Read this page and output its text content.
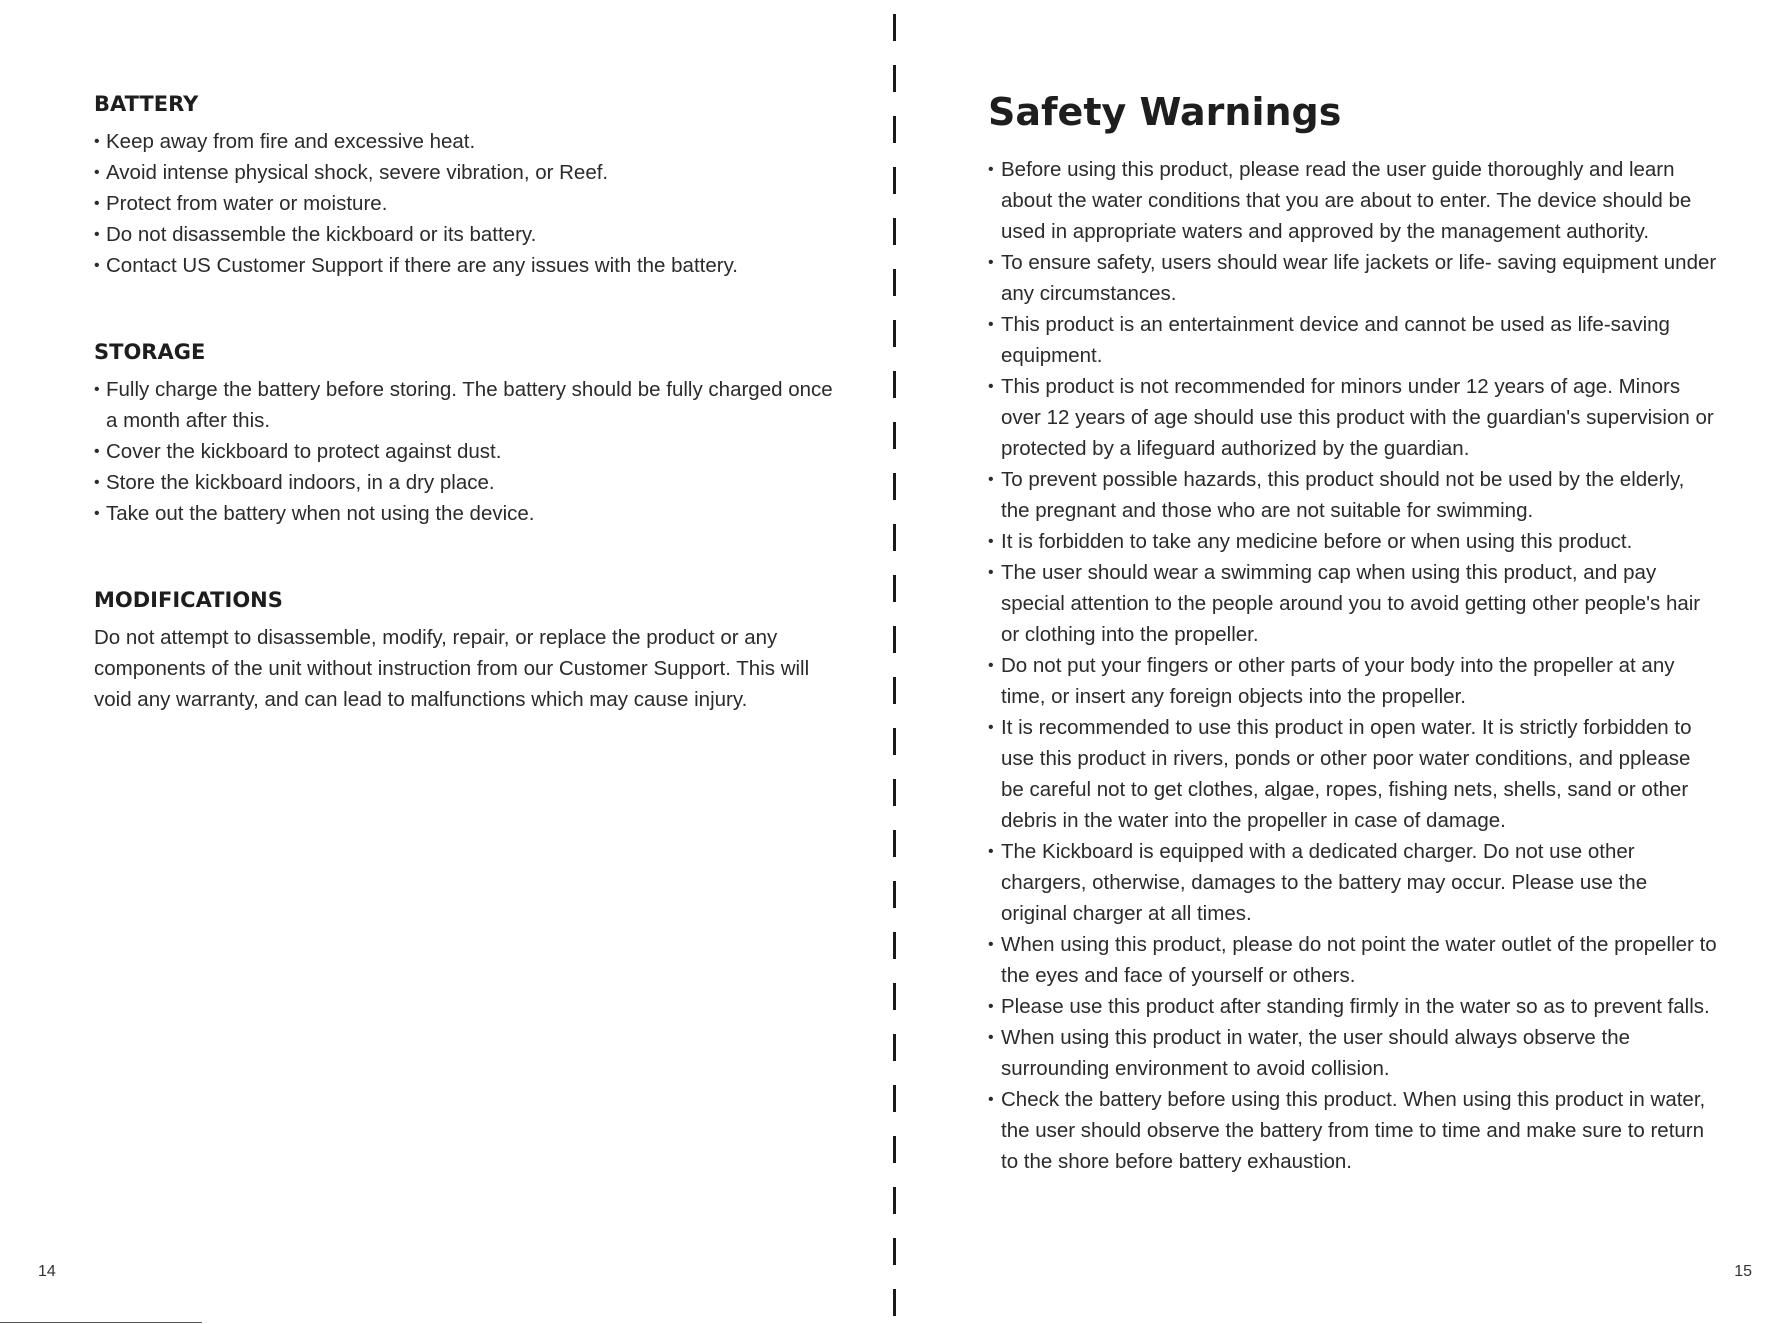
BATTERY
• Keep away from fire and excessive heat.
• Avoid intense physical shock, severe vibration, or Reef.
• Protect from water or moisture.
• Do not disassemble the kickboard or its battery.
• Contact US Customer Support if there are any issues with the battery.
STORAGE
• Fully charge the battery before storing. The battery should be fully charged once a month after this.
• Cover the kickboard to protect against dust.
• Store the kickboard indoors, in a dry place.
• Take out the battery when not using the device.
MODIFICATIONS

Do not attempt to disassemble, modify, repair, or replace the product or any components of the unit without instruction from our Customer Support. This will void any warranty, and can lead to malfunctions which may cause injury.

Safety Warnings
• Before using this product, please read the user guide thoroughly and learn about the water conditions that you are about to enter. The device should be used in appropriate waters and approved by the management authority.
• To ensure safety, users should wear life jackets or life- saving equipment under any circumstances.
• This product is an entertainment device and cannot be used as life-saving equipment.
• This product is not recommended for minors under 12 years of age. Minors over 12 years of age should use this product with the guardian's supervision or protected by a lifeguard authorized by the guardian.
• To prevent possible hazards, this product should not be used by the elderly, the pregnant and those who are not suitable for swimming.
• It is forbidden to take any medicine before or when using this product.
• The user should wear a swimming cap when using this product, and pay special attention to the people around you to avoid getting other people's hair or clothing into the propeller.
• Do not put your fingers or other parts of your body into the propeller at any time, or insert any foreign objects into the propeller.
• It is recommended to use this product in open water. It is strictly forbidden to use this product in rivers, ponds or other poor water conditions, and pplease be careful not to get clothes, algae, ropes, fishing nets, shells, sand or other debris in the water into the propeller in case of damage.
• The Kickboard is equipped with a dedicated charger. Do not use other chargers, otherwise, damages to the battery may occur. Please use the original charger at all times.
• When using this product, please do not point the water outlet of the propeller to the eyes and face of yourself or others.
• Please use this product after standing firmly in the water so as to prevent falls.
• When using this product in water, the user should always observe the surrounding environment to avoid collision.
• Check the battery before using this product. When using this product in water, the user should observe the battery from time to time and make sure to return to the shore before battery exhaustion.
14	15
